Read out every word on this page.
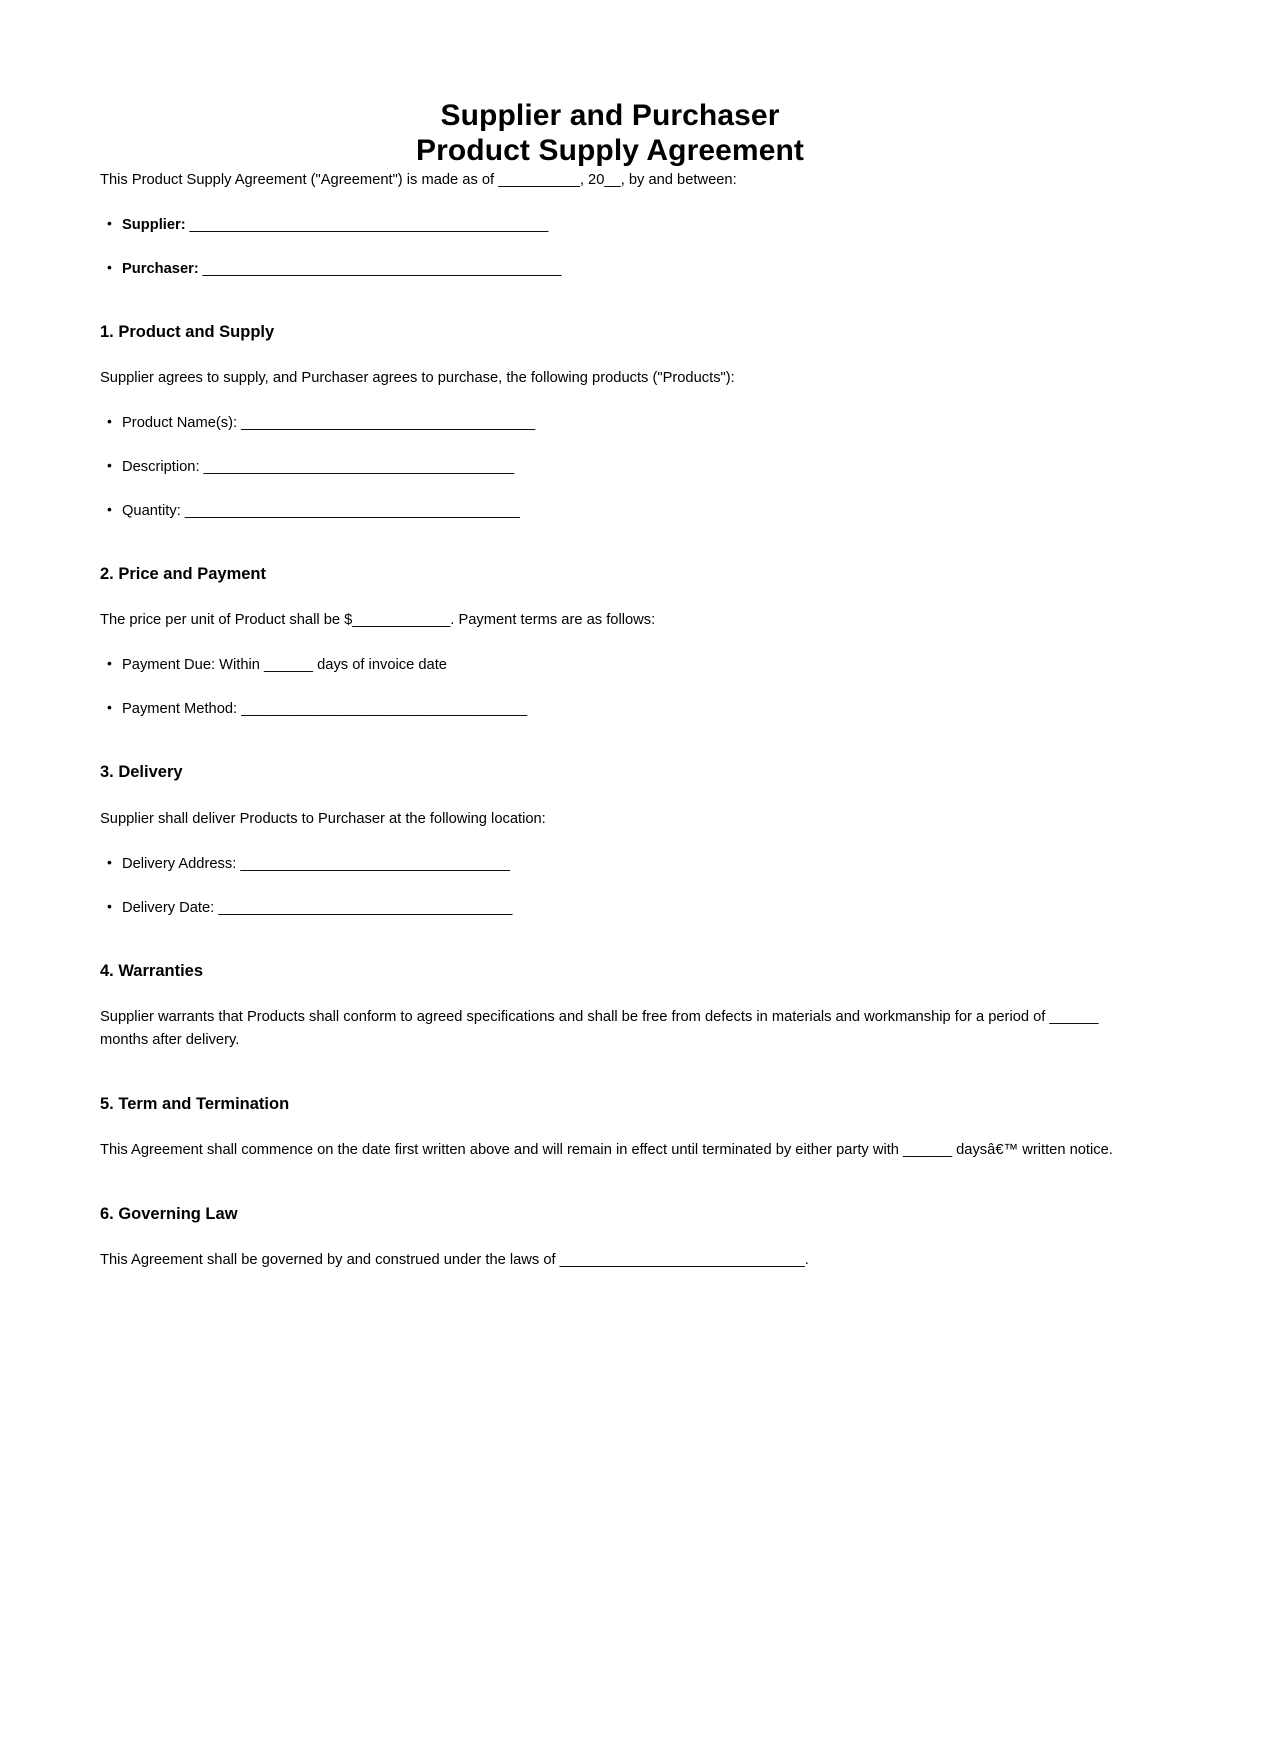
Supplier and Purchaser
Product Supply Agreement

This Product Supply Agreement ("Agreement") is made as of __________, 20__, by and between:

• Supplier: _____________________________________________
• Purchaser: _____________________________________________
1. Product and Supply

Supplier agrees to supply, and Purchaser agrees to purchase, the following products ("Products"):

• Product Name(s): ____________________________________
• Description: ______________________________________
• Quantity: _________________________________________
2. Price and Payment

The price per unit of Product shall be $____________. Payment terms are as follows:

• Payment Due: Within ______ days of invoice date
• Payment Method: ___________________________________
3. Delivery

Supplier shall deliver Products to Purchaser at the following location:

• Delivery Address: _________________________________
• Delivery Date: ____________________________________
4. Warranties

Supplier warrants that Products shall conform to agreed specifications and shall be free from defects in materials and workmanship for a period of ______ months after delivery.

5. Term and Termination

This Agreement shall commence on the date first written above and will remain in effect until terminated by either party with ______ daysâ€™ written notice.

6. Governing Law

This Agreement shall be governed by and construed under the laws of ______________________________.
